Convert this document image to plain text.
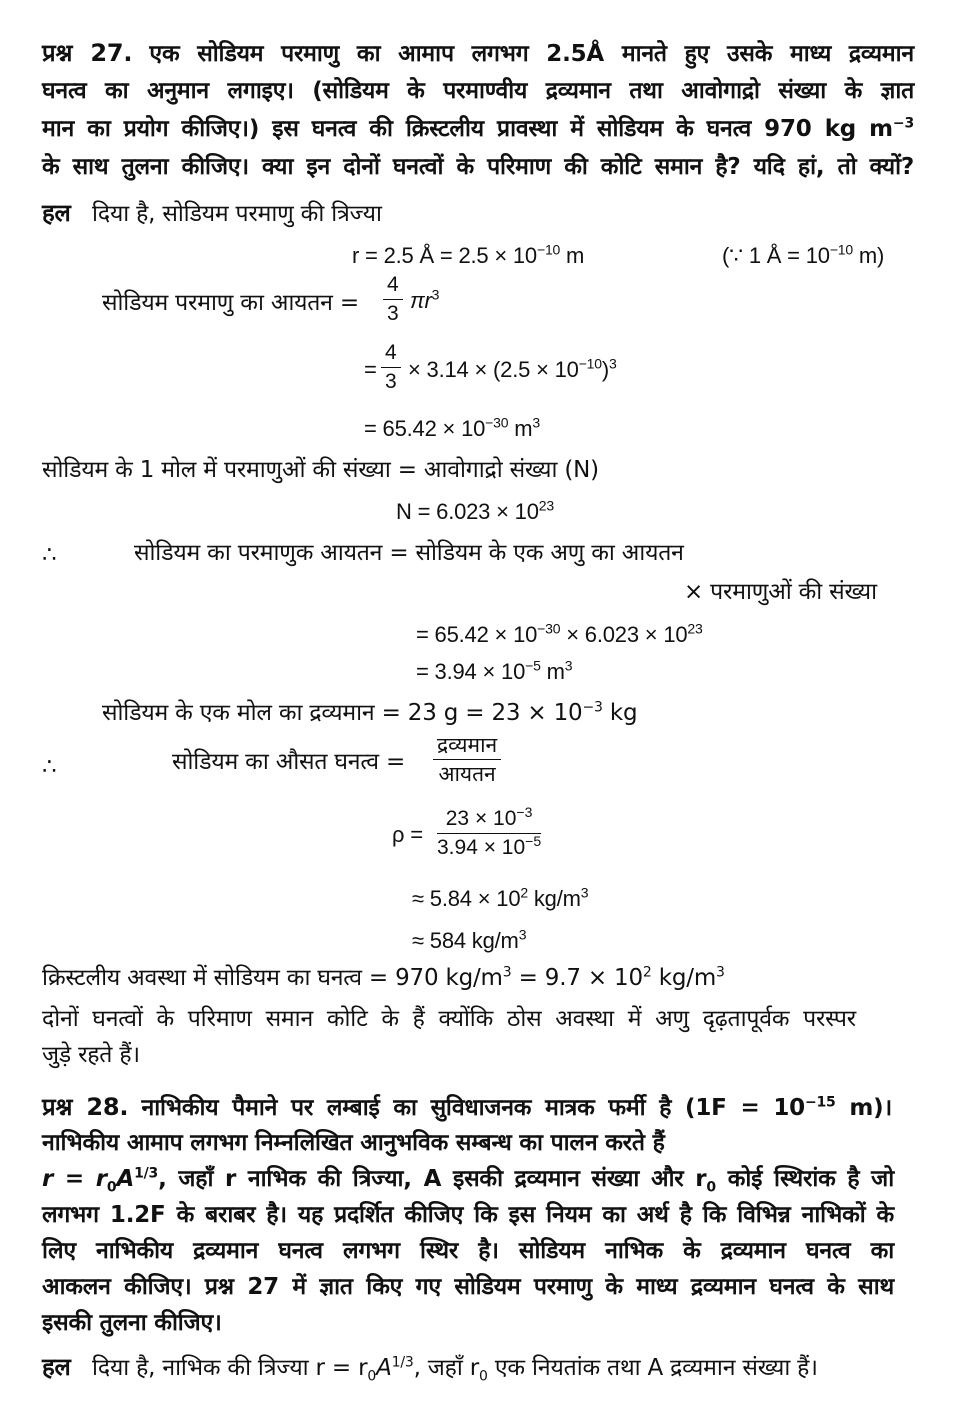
प्रश्न 27. एक सोडियम परमाणु का आमाप लगभग 2.5Å मानते हुए उसके माध्य द्रव्यमान
घनत्व का अनुमान लगाइए। (सोडियम के परमाण्वीय द्रव्यमान तथा आवोगाद्रो संख्या के ज्ञात
मान का प्रयोग कीजिए।) इस घनत्व की क्रिस्टलीय प्रावस्था में सोडियम के घनत्व 970 kg $m^{-3}$
के साथ तुलना कीजिए। क्या इन दोनों घनत्वों के परिमाण की कोटि समान है? यदि हां, तो क्यों?
हल दिया है, सोडियम परमाणु की त्रिज्या
r = 2.5 Å = $2.5 \times 10^{-10}$ m	(∵ 1 Å = $10^{-10}$ m)
सोडियम परमाणु का आयतन = $\frac{4}{3} \pi r^3$
= $\frac{4}{3} \times 3.14 \times (2.5 \times 10^{-10})^3$
= $65.42 \times 10^{-30}$ $m^3$
सोडियम के 1 मोल में परमाणुओं की संख्या = आवोगाद्रो संख्या (N)
$N = 6.023 \times 10^{23}$
∴	सोडियम का परमाणुक आयतन = सोडियम के एक अणु का आयतन
× परमाणुओं की संख्या
= $65.42 \times 10^{-30} \times 6.023 \times 10^{23}$
= $3.94 \times 10^{-5}$ $m^3$
सोडियम के एक मोल का द्रव्यमान = 23 $g = 23 \times 10^{-3}$ kg
∴	सोडियम का औसत घनत्व =
द्रव्यमान
आयतन
$\rho = \frac{23 \times 10^{-3}}{3.94 \times 10^{-5}}$
≈ $5.84 \times 10^2$ $kg/m^3$
≈ 584 $kg/m^3$
क्रिस्टलीय अवस्था में सोडियम का घनत्व = 970 $kg/m^3 = 9.7 \times 10^2$ $kg/m^3$
दोनों घनत्वों के परिमाण समान कोटि के हैं क्योंकि ठोस अवस्था में अणु दृढ़तापूर्वक परस्पर
जुड़े रहते हैं।
प्रश्न 28. नाभिकीय पैमाने पर लम्बाई का सुविधाजनक मात्रक फर्मी है ($1F = 10^{-15}$ m)।
नाभिकीय आमाप लगभग निम्नलिखित आनुभविक सम्बन्ध का पालन करते हैं
$r = r_0A^{1/3}$, जहाँ r नाभिक की त्रिज्या, A इसकी द्रव्यमान संख्या और $r_0$ कोई स्थिरांक है जो
लगभग 1.2F के बराबर है। यह प्रदर्शित कीजिए कि इस नियम का अर्थ है कि विभिन्न नाभिकों के
लिए नाभिकीय द्रव्यमान घनत्व लगभग स्थिर है। सोडियम नाभिक के द्रव्यमान घनत्व का
आकलन कीजिए। प्रश्न 27 में ज्ञात किए गए सोडियम परमाणु के माध्य द्रव्यमान घनत्व के साथ
इसकी तुलना कीजिए।
हल दिया है, नाभिक की त्रिज्या $r = r_0A^{1/3}$, जहाँ $r_0$ एक नियतांक तथा A द्रव्यमान संख्या हैं।
